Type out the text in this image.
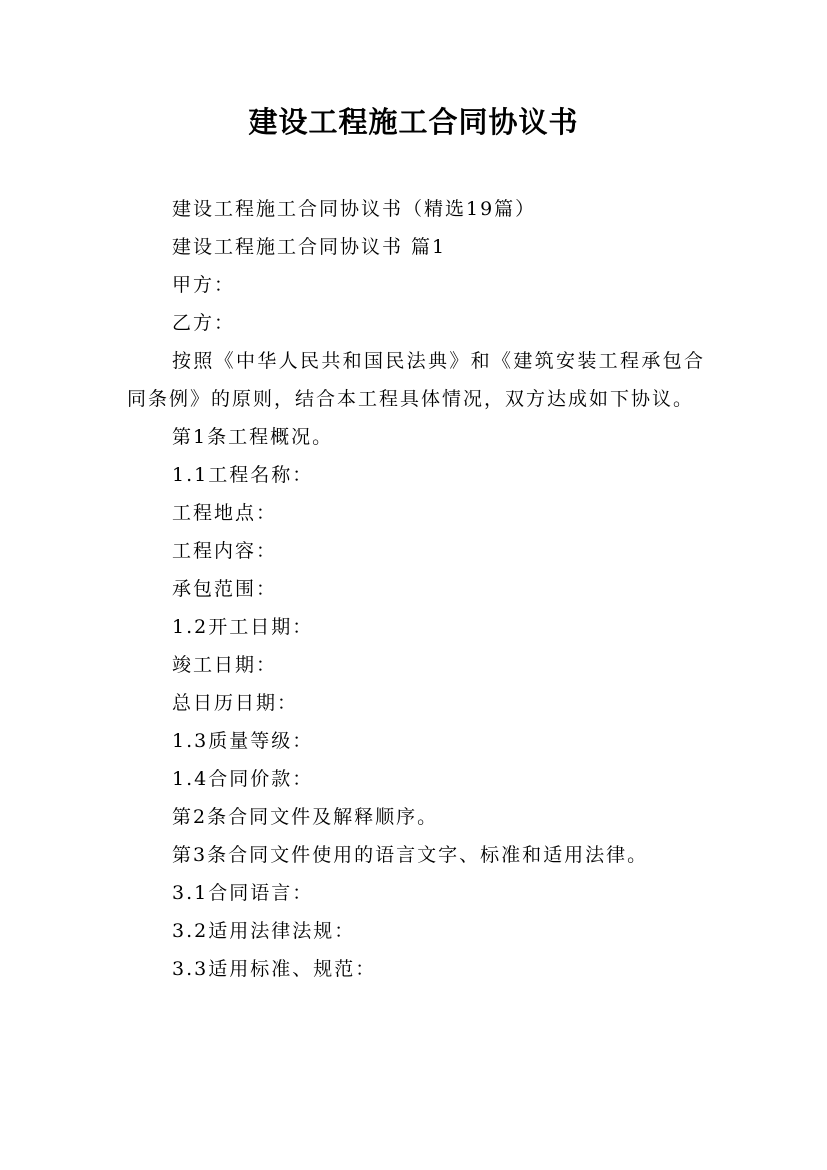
建设工程施工合同协议书

建设工程施工合同协议书（精选19篇）

建设工程施工合同协议书 篇1

甲方：

乙方：

按照《中华人民共和国民法典》和《建筑安装工程承包合同条例》的原则，结合本工程具体情况，双方达成如下协议。

第1条工程概况。

1.1工程名称：

工程地点：

工程内容：

承包范围：

1.2开工日期：

竣工日期：

总日历日期：

1.3质量等级：

1.4合同价款：

第2条合同文件及解释顺序。

第3条合同文件使用的语言文字、标准和适用法律。

3.1合同语言：

3.2适用法律法规：

3.3适用标准、规范：
